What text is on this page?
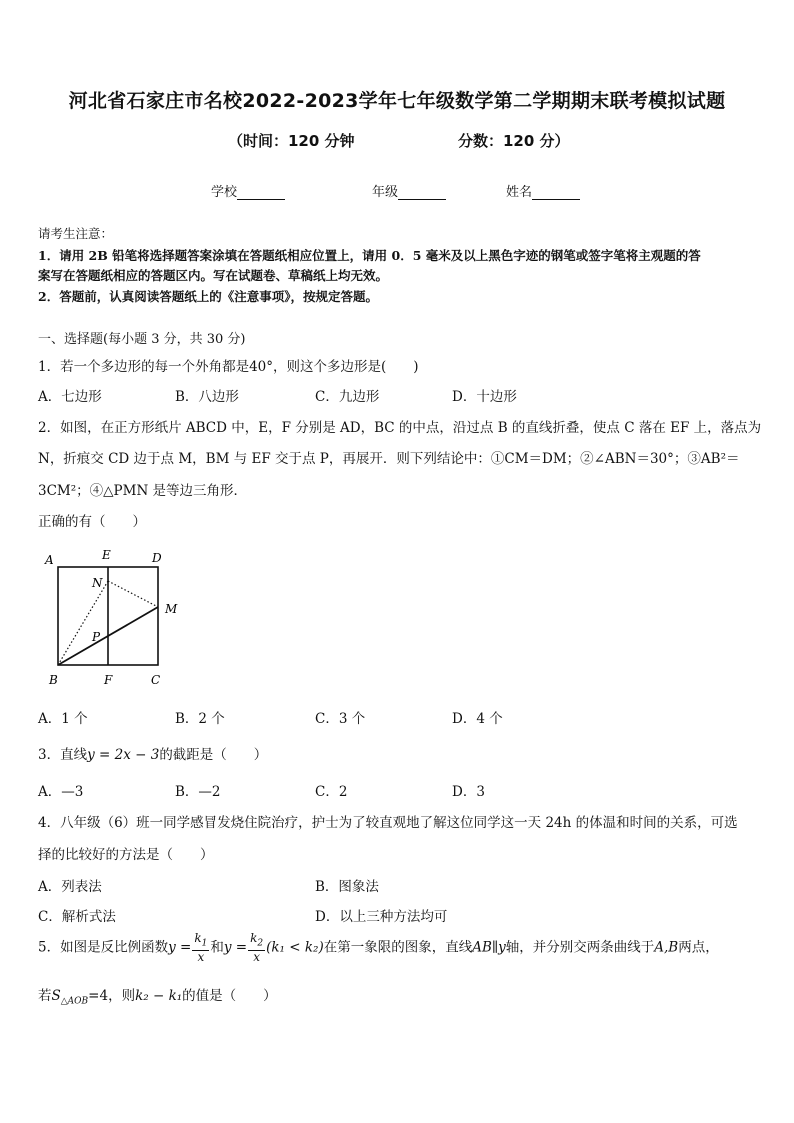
河北省石家庄市名校2022-2023学年七年级数学第二学期期末联考模拟试题
（时间：120 分钟	分数：120 分）
学校	年级	姓名
请考生注意：
1．请用 2B 铅笔将选择题答案涂填在答题纸相应位置上，请用 0．5 毫米及以上黑色字迹的钢笔或签字笔将主观题的答
案写在答题纸相应的答题区内。写在试题卷、草稿纸上均无效。
2．答题前，认真阅读答题纸上的《注意事项》，按规定答题。
一、选择题(每小题 3 分，共 30 分)
1．若一个多边形的每一个外角都是40°，则这个多边形是(　　)
A．七边形	B．八边形	C．九边形	D．十边形
2．如图，在正方形纸片 ABCD 中，E，F 分别是 AD，BC 的中点，沿过点 B 的直线折叠，使点 C 落在 EF 上，落点为
N，折痕交 CD 边于点 M，BM 与 EF 交于点 P，再展开．则下列结论中：①CM＝DM；②∠ABN＝30°；③AB²＝
3CM²；④△PMN 是等边三角形．
正确的有（　　）
A	E	D
N
M
P
B	F	C
A．1 个	B．2 个	C．3 个	D．4 个
3．直线y = 2x − 3的截距是（　　）
A．—3	B．—2	C．2	D．3
4．八年级（6）班一同学感冒发烧住院治疗，护士为了较直观地了解这位同学这一天 24h 的体温和时间的关系，可选
择的比较好的方法是（　　）
A．列表法	B．图象法
C．解析式法	D．以上三种方法均可
5．如图是反比例函数$y = \frac{k_1}{x}$ 和$y = \frac{k_2}{x} (k_1 < k_2)$在第一象限的图象，直线AB∥y轴，并分别交两条曲线于A,B两点，
若$S_{\triangle AOB}=4$，则k₂ − k₁的值是（　　）
